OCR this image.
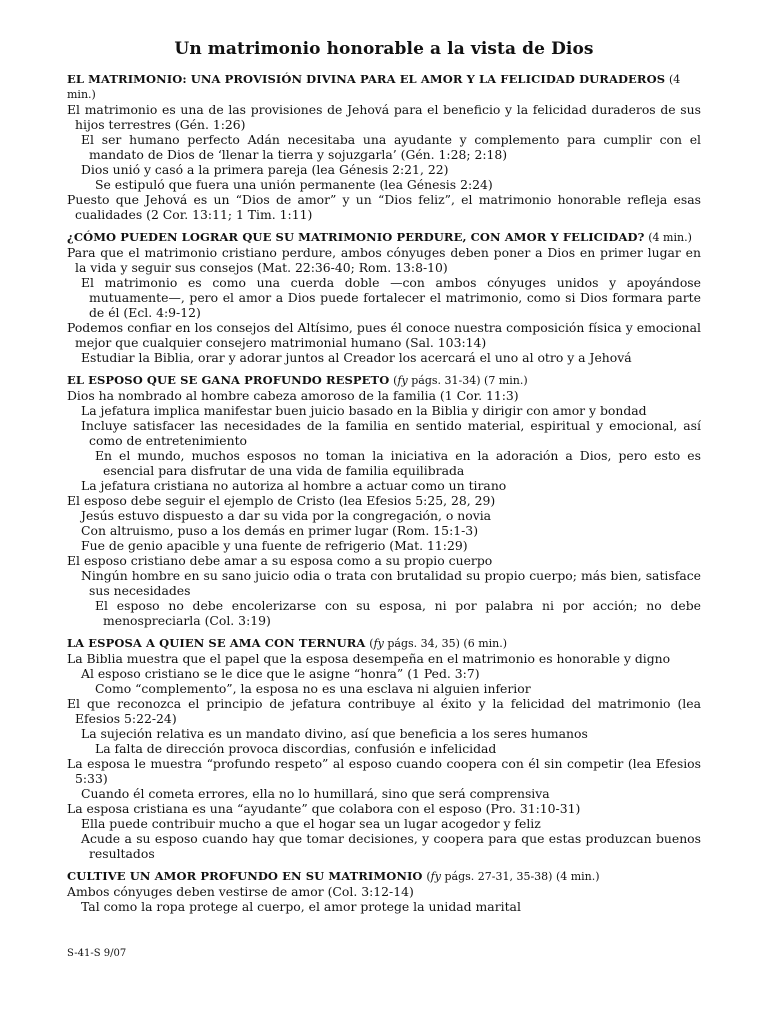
Un matrimonio honorable a la vista de Dios
EL MATRIMONIO: UNA PROVISIÓN DIVINA PARA EL AMOR Y LA FELICIDAD DURADEROS (4 min.)
El matrimonio es una de las provisiones de Jehová para el beneficio y la felicidad duraderos de sus hijos terrestres (Gén. 1:26)
El ser humano perfecto Adán necesitaba una ayudante y complemento para cumplir con el mandato de Dios de ‘llenar la tierra y sojuzgarla’ (Gén. 1:28; 2:18)
Dios unió y casó a la primera pareja (lea Génesis 2:21, 22)
Se estipuló que fuera una unión permanente (lea Génesis 2:24)
Puesto que Jehová es un “Dios de amor” y un “Dios feliz”, el matrimonio honorable refleja esas cualidades (2 Cor. 13:11; 1 Tim. 1:11)
¿CÓMO PUEDEN LOGRAR QUE SU MATRIMONIO PERDURE, CON AMOR Y FELICIDAD? (4 min.)
Para que el matrimonio cristiano perdure, ambos cónyuges deben poner a Dios en primer lugar en la vida y seguir sus consejos (Mat. 22:36-40; Rom. 13:8-10)
El matrimonio es como una cuerda doble —con ambos cónyuges unidos y apoyándose mutuamente—, pero el amor a Dios puede fortalecer el matrimonio, como si Dios formara parte de él (Ecl. 4:9-12)
Podemos confiar en los consejos del Altísimo, pues él conoce nuestra composición física y emocional mejor que cualquier consejero matrimonial humano (Sal. 103:14)
Estudiar la Biblia, orar y adorar juntos al Creador los acercará el uno al otro y a Jehová
EL ESPOSO QUE SE GANA PROFUNDO RESPETO (fy págs. 31-34) (7 min.)
Dios ha nombrado al hombre cabeza amoroso de la familia (1 Cor. 11:3)
La jefatura implica manifestar buen juicio basado en la Biblia y dirigir con amor y bondad
Incluye satisfacer las necesidades de la familia en sentido material, espiritual y emocional, así como de entretenimiento
En el mundo, muchos esposos no toman la iniciativa en la adoración a Dios, pero esto es esencial para disfrutar de una vida de familia equilibrada
La jefatura cristiana no autoriza al hombre a actuar como un tirano
El esposo debe seguir el ejemplo de Cristo (lea Efesios 5:25, 28, 29)
Jesús estuvo dispuesto a dar su vida por la congregación, o novia
Con altruismo, puso a los demás en primer lugar (Rom. 15:1-3)
Fue de genio apacible y una fuente de refrigerio (Mat. 11:29)
El esposo cristiano debe amar a su esposa como a su propio cuerpo
Ningún hombre en su sano juicio odia o trata con brutalidad su propio cuerpo; más bien, satisface sus necesidades
El esposo no debe encolerizarse con su esposa, ni por palabra ni por acción; no debe menospreciarla (Col. 3:19)
LA ESPOSA A QUIEN SE AMA CON TERNURA (fy págs. 34, 35) (6 min.)
La Biblia muestra que el papel que la esposa desempeña en el matrimonio es honorable y digno
Al esposo cristiano se le dice que le asigne “honra” (1 Ped. 3:7)
Como “complemento”, la esposa no es una esclava ni alguien inferior
El que reconozca el principio de jefatura contribuye al éxito y la felicidad del matrimonio (lea Efesios 5:22-24)
La sujeción relativa es un mandato divino, así que beneficia a los seres humanos
La falta de dirección provoca discordias, confusión e infelicidad
La esposa le muestra “profundo respeto” al esposo cuando coopera con él sin competir (lea Efesios 5:33)
Cuando él cometa errores, ella no lo humillará, sino que será comprensiva
La esposa cristiana es una “ayudante” que colabora con el esposo (Pro. 31:10-31)
Ella puede contribuir mucho a que el hogar sea un lugar acogedor y feliz
Acude a su esposo cuando hay que tomar decisiones, y coopera para que estas produzcan buenos resultados
CULTIVE UN AMOR PROFUNDO EN SU MATRIMONIO (fy págs. 27-31, 35-38) (4 min.)
Ambos cónyuges deben vestirse de amor (Col. 3:12-14)
Tal como la ropa protege al cuerpo, el amor protege la unidad marital
S-41-S 9/07
